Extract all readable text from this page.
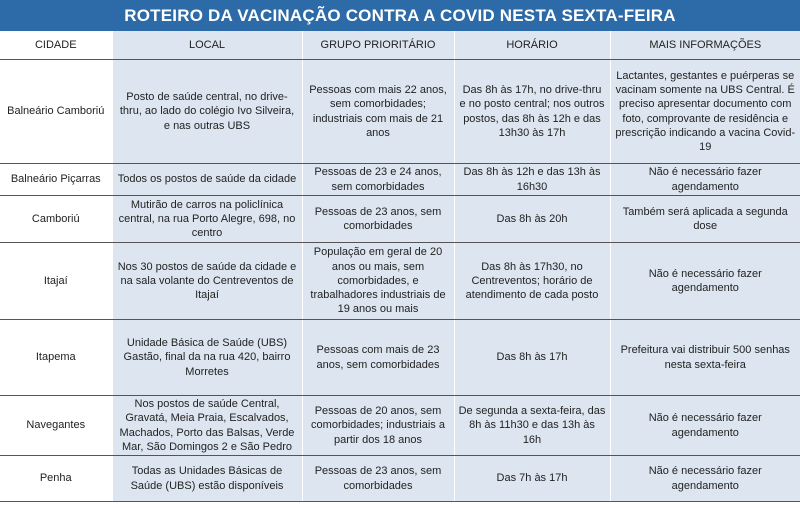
ROTEIRO DA VACINAÇÃO CONTRA A COVID NESTA SEXTA-FEIRA
CIDADE	LOCAL	GRUPO PRIORITÁRIO	HORÁRIO	MAIS INFORMAÇÕES
Balneário Camboriú	Posto de saúde central, no drive-thru, ao lado do colégio Ivo Silveira, e nas outras UBS	Pessoas com mais 22 anos, sem comorbidades; industriais com mais de 21 anos	Das 8h às 17h, no drive-thru e no posto central; nos outros postos, das 8h às 12h e das 13h30 às 17h	Lactantes, gestantes e puérperas se vacinam somente na UBS Central. É preciso apresentar documento com foto, comprovante de residência e prescrição indicando a vacina Covid-19
Balneário Piçarras	Todos os postos de saúde da cidade	Pessoas de 23 e 24 anos, sem comorbidades	Das 8h às 12h e das 13h às 16h30	Não é necessário fazer agendamento
Camboriú	Mutirão de carros na policlínica central, na rua Porto Alegre, 698, no centro	Pessoas de 23 anos, sem comorbidades	Das 8h às 20h	Também será aplicada a segunda dose
Itajaí	Nos 30 postos de saúde da cidade e na sala volante do Centreventos de Itajaí	População em geral de 20 anos ou mais, sem comorbidades, e trabalhadores industriais de 19 anos ou mais	Das 8h às 17h30, no Centreventos; horário de atendimento de cada posto	Não é necessário fazer agendamento
Itapema	Unidade Básica de Saúde (UBS) Gastão, final da na rua 420, bairro Morretes	Pessoas com mais de 23 anos, sem comorbidades	Das 8h às 17h	Prefeitura vai distribuir 500 senhas nesta sexta-feira
Navegantes	Nos postos de saúde Central, Gravatá, Meia Praia, Escalvados, Machados, Porto das Balsas, Verde Mar, São Domingos 2 e São Pedro	Pessoas de 20 anos, sem comorbidades; industriais a partir dos 18 anos	De segunda a sexta-feira, das 8h às 11h30 e das 13h às 16h	Não é necessário fazer agendamento
Penha	Todas as Unidades Básicas de Saúde (UBS) estão disponíveis	Pessoas de 23 anos, sem comorbidades	Das 7h às 17h	Não é necessário fazer agendamento
